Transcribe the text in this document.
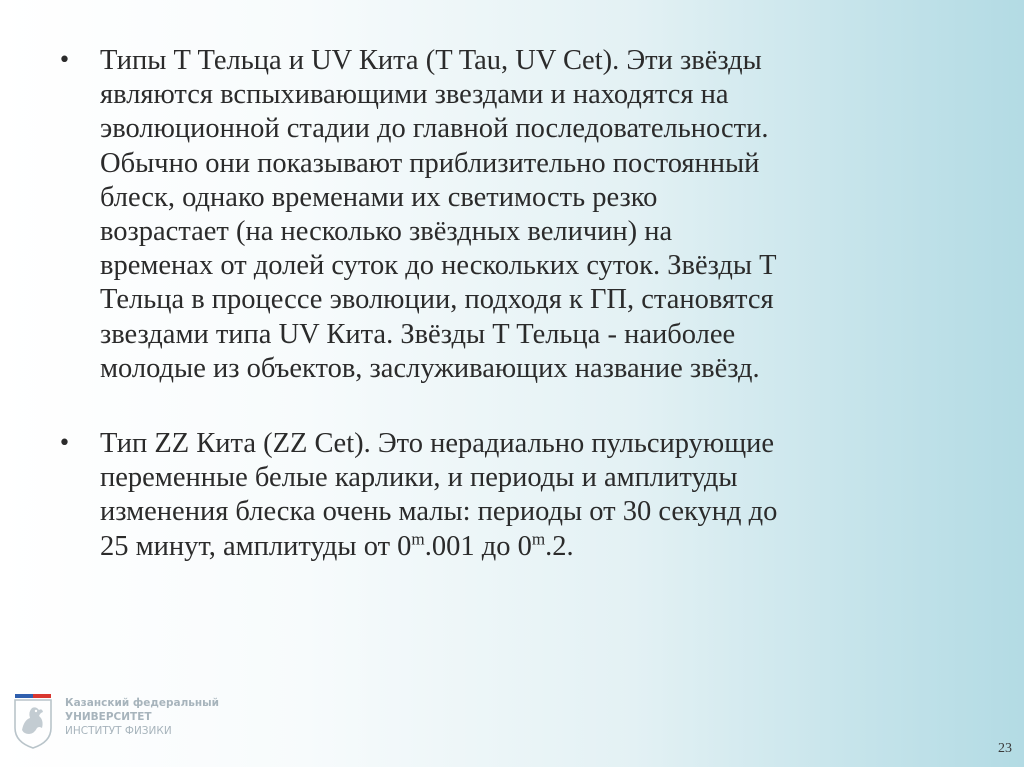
• Типы T Тельца и UV Кита (T Tau, UV Cet). Эти звёзды
являются вспыхивающими звездами и находятся на
эволюционной стадии до главной последовательности.
Обычно они показывают приблизительно постоянный
блеск, однако временами их светимость резко
возрастает (на несколько звёздных величин) на
временах от долей суток до нескольких суток. Звёзды T
Тельца в процессе эволюции, подходя к ГП, становятся
звездами типа UV Кита. Звёзды T Тельца - наиболее
молодые из объектов, заслуживающих название звёзд.
• Тип ZZ Кита (ZZ Cet). Это нерадиально пульсирующие
переменные белые карлики, и периоды и амплитуды
изменения блеска очень малы: периоды от 30 секунд до
25 минут, амплитуды от 0$^m$.001 до 0$^m$.2.
Казанский федеральный
УНИВЕРСИТЕТ
ИНСТИТУТ ФИЗИКИ
23
